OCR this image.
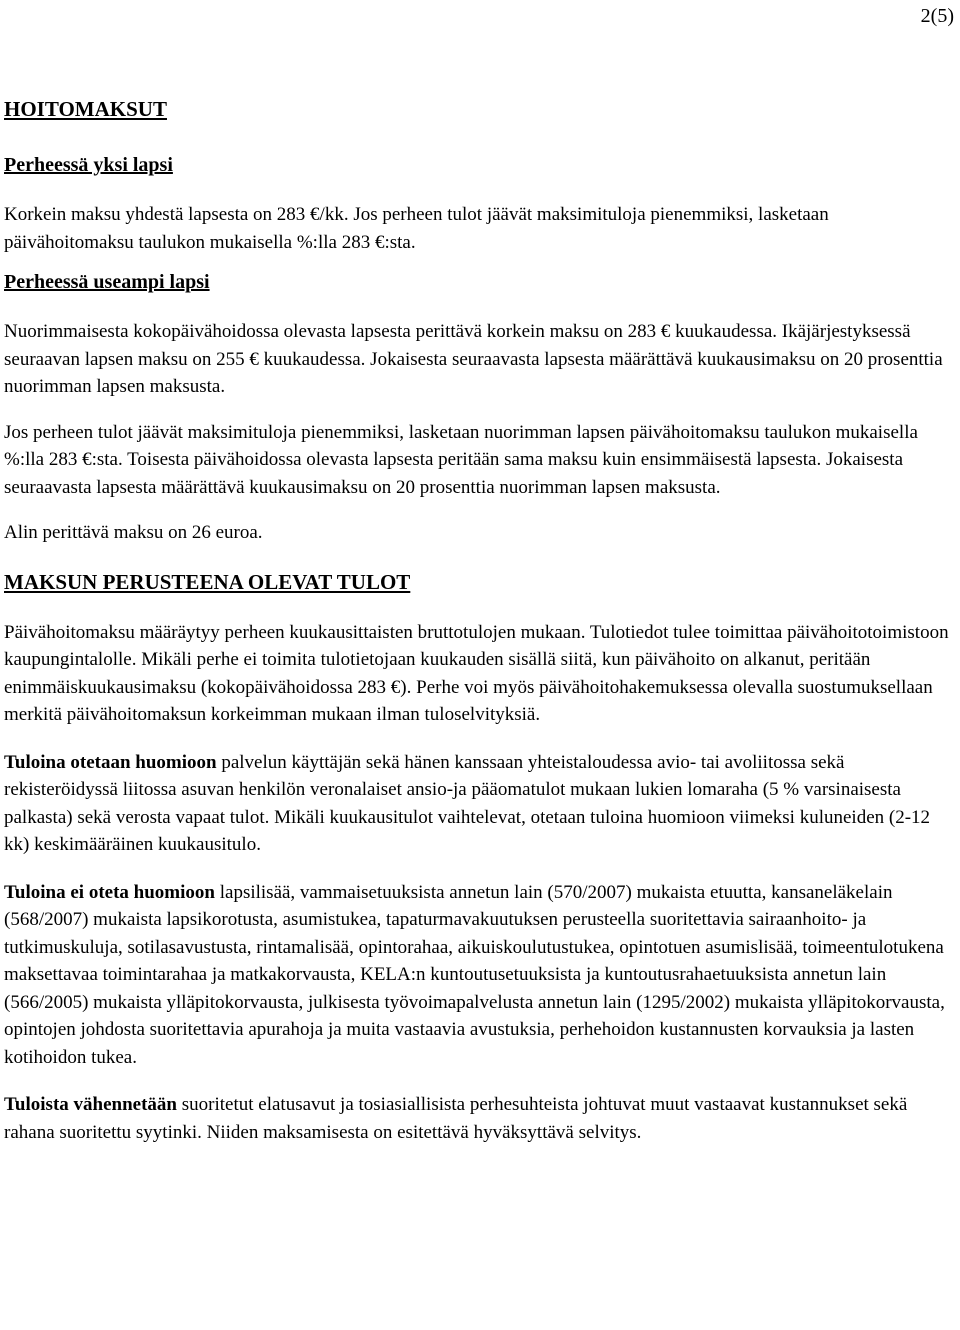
2(5)
HOITOMAKSUT
Perheessä yksi lapsi

Korkein maksu yhdestä lapsesta on 283 €/kk. Jos perheen tulot jäävät maksimituloja pienemmiksi, lasketaan päivähoitomaksu taulukon mukaisella %:lla 283 €:sta.

Perheessä useampi lapsi

Nuorimmaisesta kokopäivähoidossa olevasta lapsesta perittävä korkein maksu on 283 € kuukaudessa. Ikäjärjestyksessä seuraavan lapsen maksu on 255 € kuukaudessa. Jokaisesta seuraavasta lapsesta määrättävä kuukausimaksu on 20 prosenttia nuorimman lapsen maksusta.

Jos perheen tulot jäävät maksimituloja pienemmiksi, lasketaan nuorimman lapsen päivähoitomaksu taulukon mukaisella %:lla 283 €:sta. Toisesta päivähoidossa olevasta lapsesta peritään sama maksu kuin ensimmäisestä lapsesta. Jokaisesta seuraavasta lapsesta määrättävä kuukausimaksu on 20 prosenttia nuorimman lapsen maksusta.

Alin perittävä maksu on 26 euroa.

MAKSUN PERUSTEENA OLEVAT TULOT

Päivähoitomaksu määräytyy perheen kuukausittaisten bruttotulojen mukaan. Tulotiedot tulee toimittaa päivähoitotoimistoon kaupungintalolle. Mikäli perhe ei toimita tulotietojaan kuukauden sisällä siitä, kun päivähoito on alkanut, peritään enimmäiskuukausimaksu (kokopäivähoidossa 283 €). Perhe voi myös päivähoitohakemuksessa olevalla suostumuksellaan merkitä päivähoitomaksun korkeimman mukaan ilman tuloselvityksiä.

Tuloina otetaan huomioon palvelun käyttäjän sekä hänen kanssaan yhteistaloudessa avio- tai avoliitossa sekä rekisteröidyssä liitossa asuvan henkilön veronalaiset ansio-ja pääomatulot mukaan lukien lomaraha (5 % varsinaisesta palkasta) sekä verosta vapaat tulot. Mikäli kuukausitulot vaihtelevat, otetaan tuloina huomioon viimeksi kuluneiden (2-12 kk) keskimääräinen kuukausitulo.

Tuloina ei oteta huomioon lapsilisää, vammaisetuuksista annetun lain (570/2007) mukaista etuutta, kansaneläkelain (568/2007) mukaista lapsikorotusta, asumistukea, tapaturmavakuutuksen perusteella suoritettavia sairaanhoito- ja tutkimuskuluja, sotilasavustusta, rintamalisää, opintorahaa, aikuiskoulutustukea, opintotuen asumislisää, toimeentulotukena maksettavaa toimintarahaa ja matkakorvausta, KELA:n kuntoutusetuuksista ja kuntoutusrahaetuuksista annetun lain (566/2005) mukaista ylläpitokorvausta, julkisesta työvoimapalvelusta annetun lain (1295/2002) mukaista ylläpitokorvausta, opintojen johdosta suoritettavia apurahoja ja muita vastaavia avustuksia, perhehoidon kustannusten korvauksia ja lasten kotihoidon tukea.

Tuloista vähennetään suoritetut elatusavut ja tosiasiallisista perhesuhteista johtuvat muut vastaavat kustannukset sekä rahana suoritettu syytinki. Niiden maksamisesta on esitettävä hyväksyttävä selvitys.
